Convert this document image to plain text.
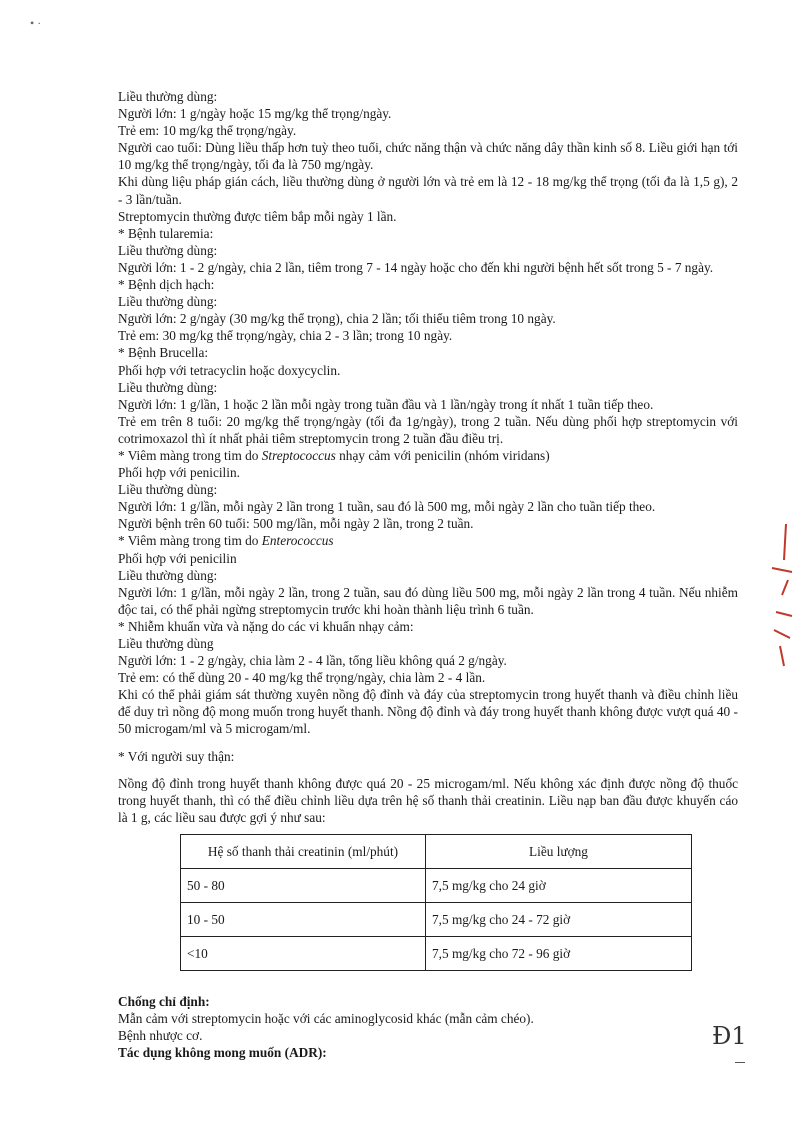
• ·
Liều thường dùng:
Người lớn: 1 g/ngày hoặc 15 mg/kg thể trọng/ngày.
Trẻ em: 10 mg/kg thể trọng/ngày.
Người cao tuổi: Dùng liều thấp hơn tuỳ theo tuổi, chức năng thận và chức năng dây thần kinh số 8. Liều giới hạn tới 10 mg/kg thể trọng/ngày, tối đa là 750 mg/ngày.
Khi dùng liệu pháp gián cách, liều thường dùng ở người lớn và trẻ em là 12 - 18 mg/kg thể trọng (tối đa là 1,5 g), 2 - 3 lần/tuần.
Streptomycin thường được tiêm bắp mỗi ngày 1 lần.
* Bệnh tularemia:
Liều thường dùng:
Người lớn: 1 - 2 g/ngày, chia 2 lần, tiêm trong 7 - 14 ngày hoặc cho đến khi người bệnh hết sốt trong 5 - 7 ngày.
* Bệnh dịch hạch:
Liều thường dùng:
Người lớn: 2 g/ngày (30 mg/kg thể trọng), chia 2 lần; tối thiểu tiêm trong 10 ngày.
Trẻ em: 30 mg/kg thể trọng/ngày, chia 2 - 3 lần; trong 10 ngày.
* Bệnh Brucella:
Phối hợp với tetracyclin hoặc doxycyclin.
Liều thường dùng:
Người lớn: 1 g/lần, 1 hoặc 2 lần mỗi ngày trong tuần đầu và 1 lần/ngày trong ít nhất 1 tuần tiếp theo.
Trẻ em trên 8 tuổi: 20 mg/kg thể trọng/ngày (tối đa 1g/ngày), trong 2 tuần. Nếu dùng phối hợp streptomycin với cotrimoxazol thì ít nhất phải tiêm streptomycin trong 2 tuần đầu điều trị.
* Viêm màng trong tim do Streptococcus nhạy cảm với penicilin (nhóm viridans)
Phối hợp với penicilin.
Liều thường dùng:
Người lớn: 1 g/lần, mỗi ngày 2 lần trong 1 tuần, sau đó là 500 mg, mỗi ngày 2 lần cho tuần tiếp theo.
Người bệnh trên 60 tuổi: 500 mg/lần, mỗi ngày 2 lần, trong 2 tuần.
* Viêm màng trong tim do Enterococcus
Phối hợp với penicilin
Liều thường dùng:
Người lớn: 1 g/lần, mỗi ngày 2 lần, trong 2 tuần, sau đó dùng liều 500 mg, mỗi ngày 2 lần trong 4 tuần. Nếu nhiễm độc tai, có thể phải ngừng streptomycin trước khi hoàn thành liệu trình 6 tuần.
* Nhiễm khuẩn vừa và nặng do các vi khuẩn nhạy cảm:
Liều thường dùng
Người lớn: 1 - 2 g/ngày, chia làm 2 - 4 lần, tổng liều không quá 2 g/ngày.
Trẻ em: có thể dùng 20 - 40 mg/kg thể trọng/ngày, chia làm 2 - 4 lần.
Khi có thể phải giám sát thường xuyên nồng độ đỉnh và đáy của streptomycin trong huyết thanh và điều chỉnh liều để duy trì nồng độ mong muốn trong huyết thanh. Nồng độ đỉnh và đáy trong huyết thanh không được vượt quá 40 - 50 microgam/ml và 5 microgam/ml.
* Với người suy thận:
Nồng độ đỉnh trong huyết thanh không được quá 20 - 25 microgam/ml. Nếu không xác định được nồng độ thuốc trong huyết thanh, thì có thể điều chỉnh liều dựa trên hệ số thanh thải creatinin. Liều nạp ban đầu được khuyến cáo là 1 g, các liều sau được gợi ý như sau:
Hệ số thanh thải creatinin (ml/phút)	Liều lượng
50 - 80	7,5 mg/kg cho 24 giờ
10 - 50	7,5 mg/kg cho 24 - 72 giờ
<10	7,5 mg/kg cho 72 - 96 giờ
Chống chỉ định:
Mẫn cảm với streptomycin hoặc với các aminoglycosid khác (mẫn cảm chéo).
Bệnh nhược cơ.
Tác dụng không mong muốn (ADR):
Đ1
